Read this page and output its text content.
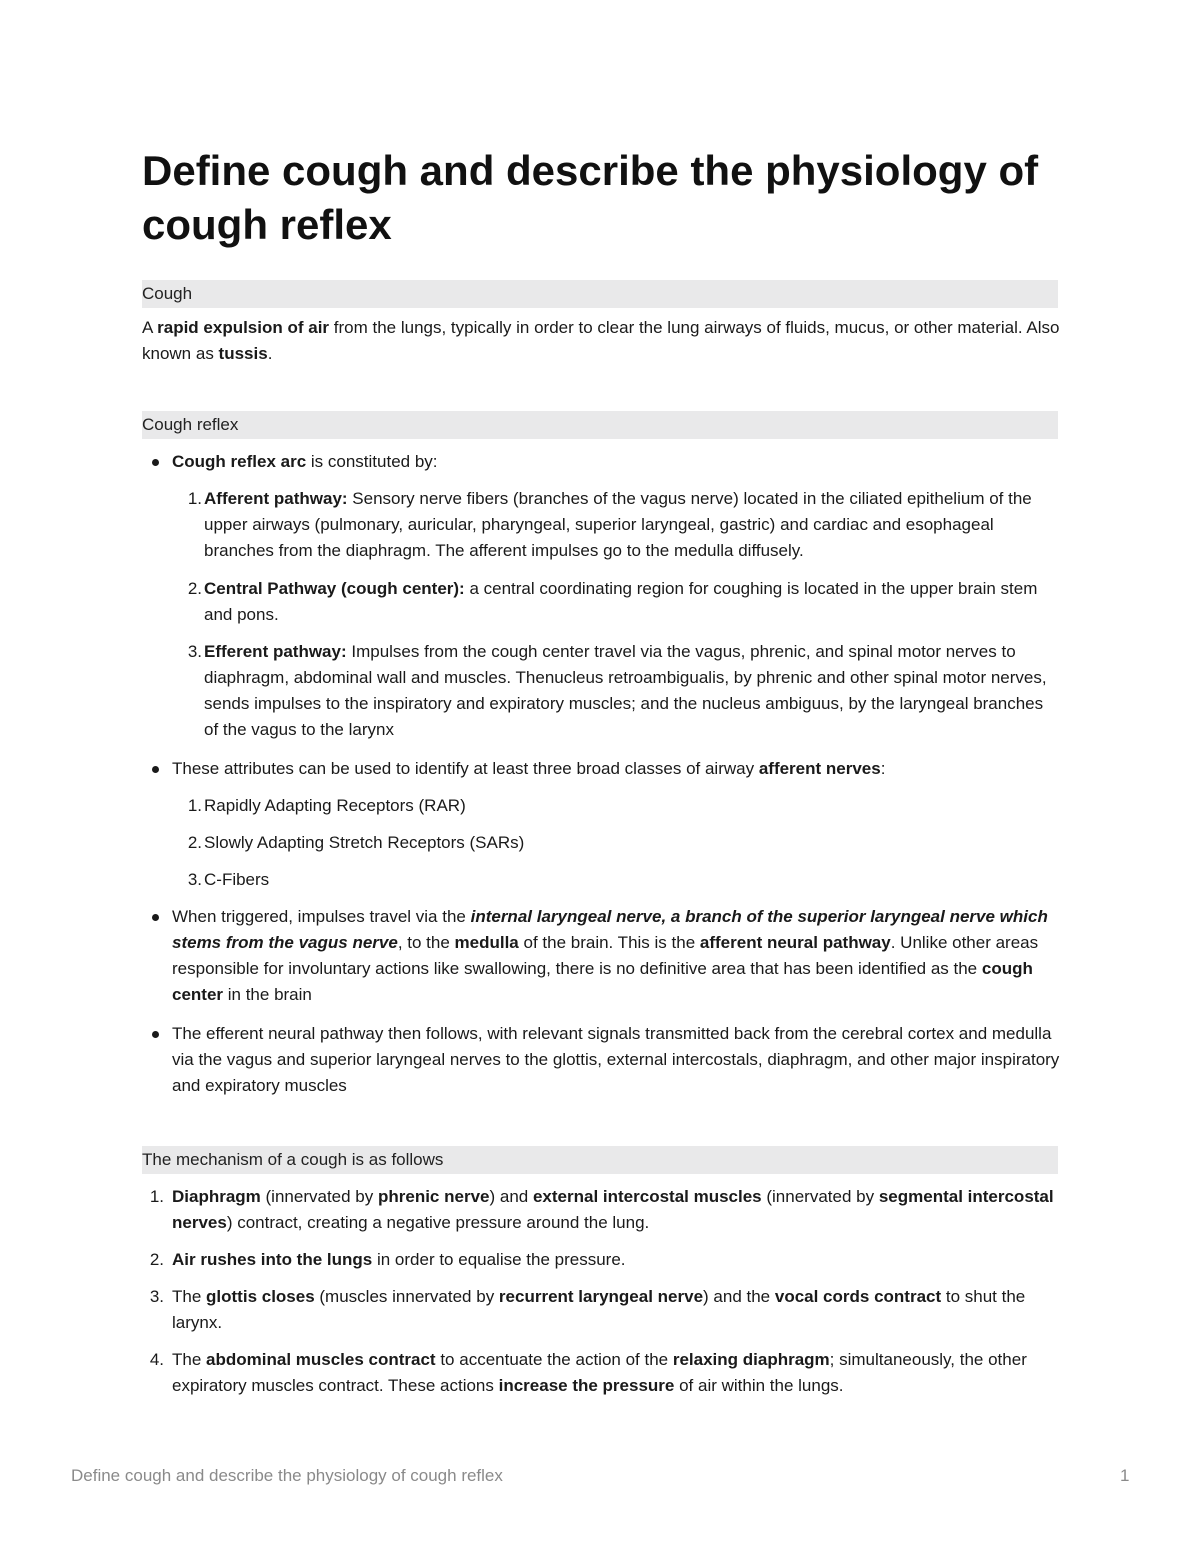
Define cough and describe the physiology of cough reflex
Cough

A rapid expulsion of air from the lungs, typically in order to clear the lung airways of fluids, mucus, or other material. Also known as tussis.

Cough reflex
Cough reflex arc is constituted by:
1. Afferent pathway: Sensory nerve fibers (branches of the vagus nerve) located in the ciliated epithelium of the upper airways (pulmonary, auricular, pharyngeal, superior laryngeal, gastric) and cardiac and esophageal branches from the diaphragm. The afferent impulses go to the medulla diffusely.
2. Central Pathway (cough center): a central coordinating region for coughing is located in the upper brain stem and pons.
3. Efferent pathway: Impulses from the cough center travel via the vagus, phrenic, and spinal motor nerves to diaphragm, abdominal wall and muscles. Thenucleus retroambigualis, by phrenic and other spinal motor nerves, sends impulses to the inspiratory and expiratory muscles; and the nucleus ambiguus, by the laryngeal branches of the vagus to the larynx
These attributes can be used to identify at least three broad classes of airway afferent nerves:
1. Rapidly Adapting Receptors (RAR)
2. Slowly Adapting Stretch Receptors (SARs)
3. C-Fibers
When triggered, impulses travel via the internal laryngeal nerve, a branch of the superior laryngeal nerve which stems from the vagus nerve, to the medulla of the brain. This is the afferent neural pathway. Unlike other areas responsible for involuntary actions like swallowing, there is no definitive area that has been identified as the cough center in the brain
The efferent neural pathway then follows, with relevant signals transmitted back from the cerebral cortex and medulla via the vagus and superior laryngeal nerves to the glottis, external intercostals, diaphragm, and other major inspiratory and expiratory muscles
The mechanism of a cough is as follows
1. Diaphragm (innervated by phrenic nerve) and external intercostal muscles (innervated by segmental intercostal nerves) contract, creating a negative pressure around the lung.
2. Air rushes into the lungs in order to equalise the pressure.
3. The glottis closes (muscles innervated by recurrent laryngeal nerve) and the vocal cords contract to shut the larynx.
4. The abdominal muscles contract to accentuate the action of the relaxing diaphragm; simultaneously, the other expiratory muscles contract. These actions increase the pressure of air within the lungs.
Define cough and describe the physiology of cough reflex	1
